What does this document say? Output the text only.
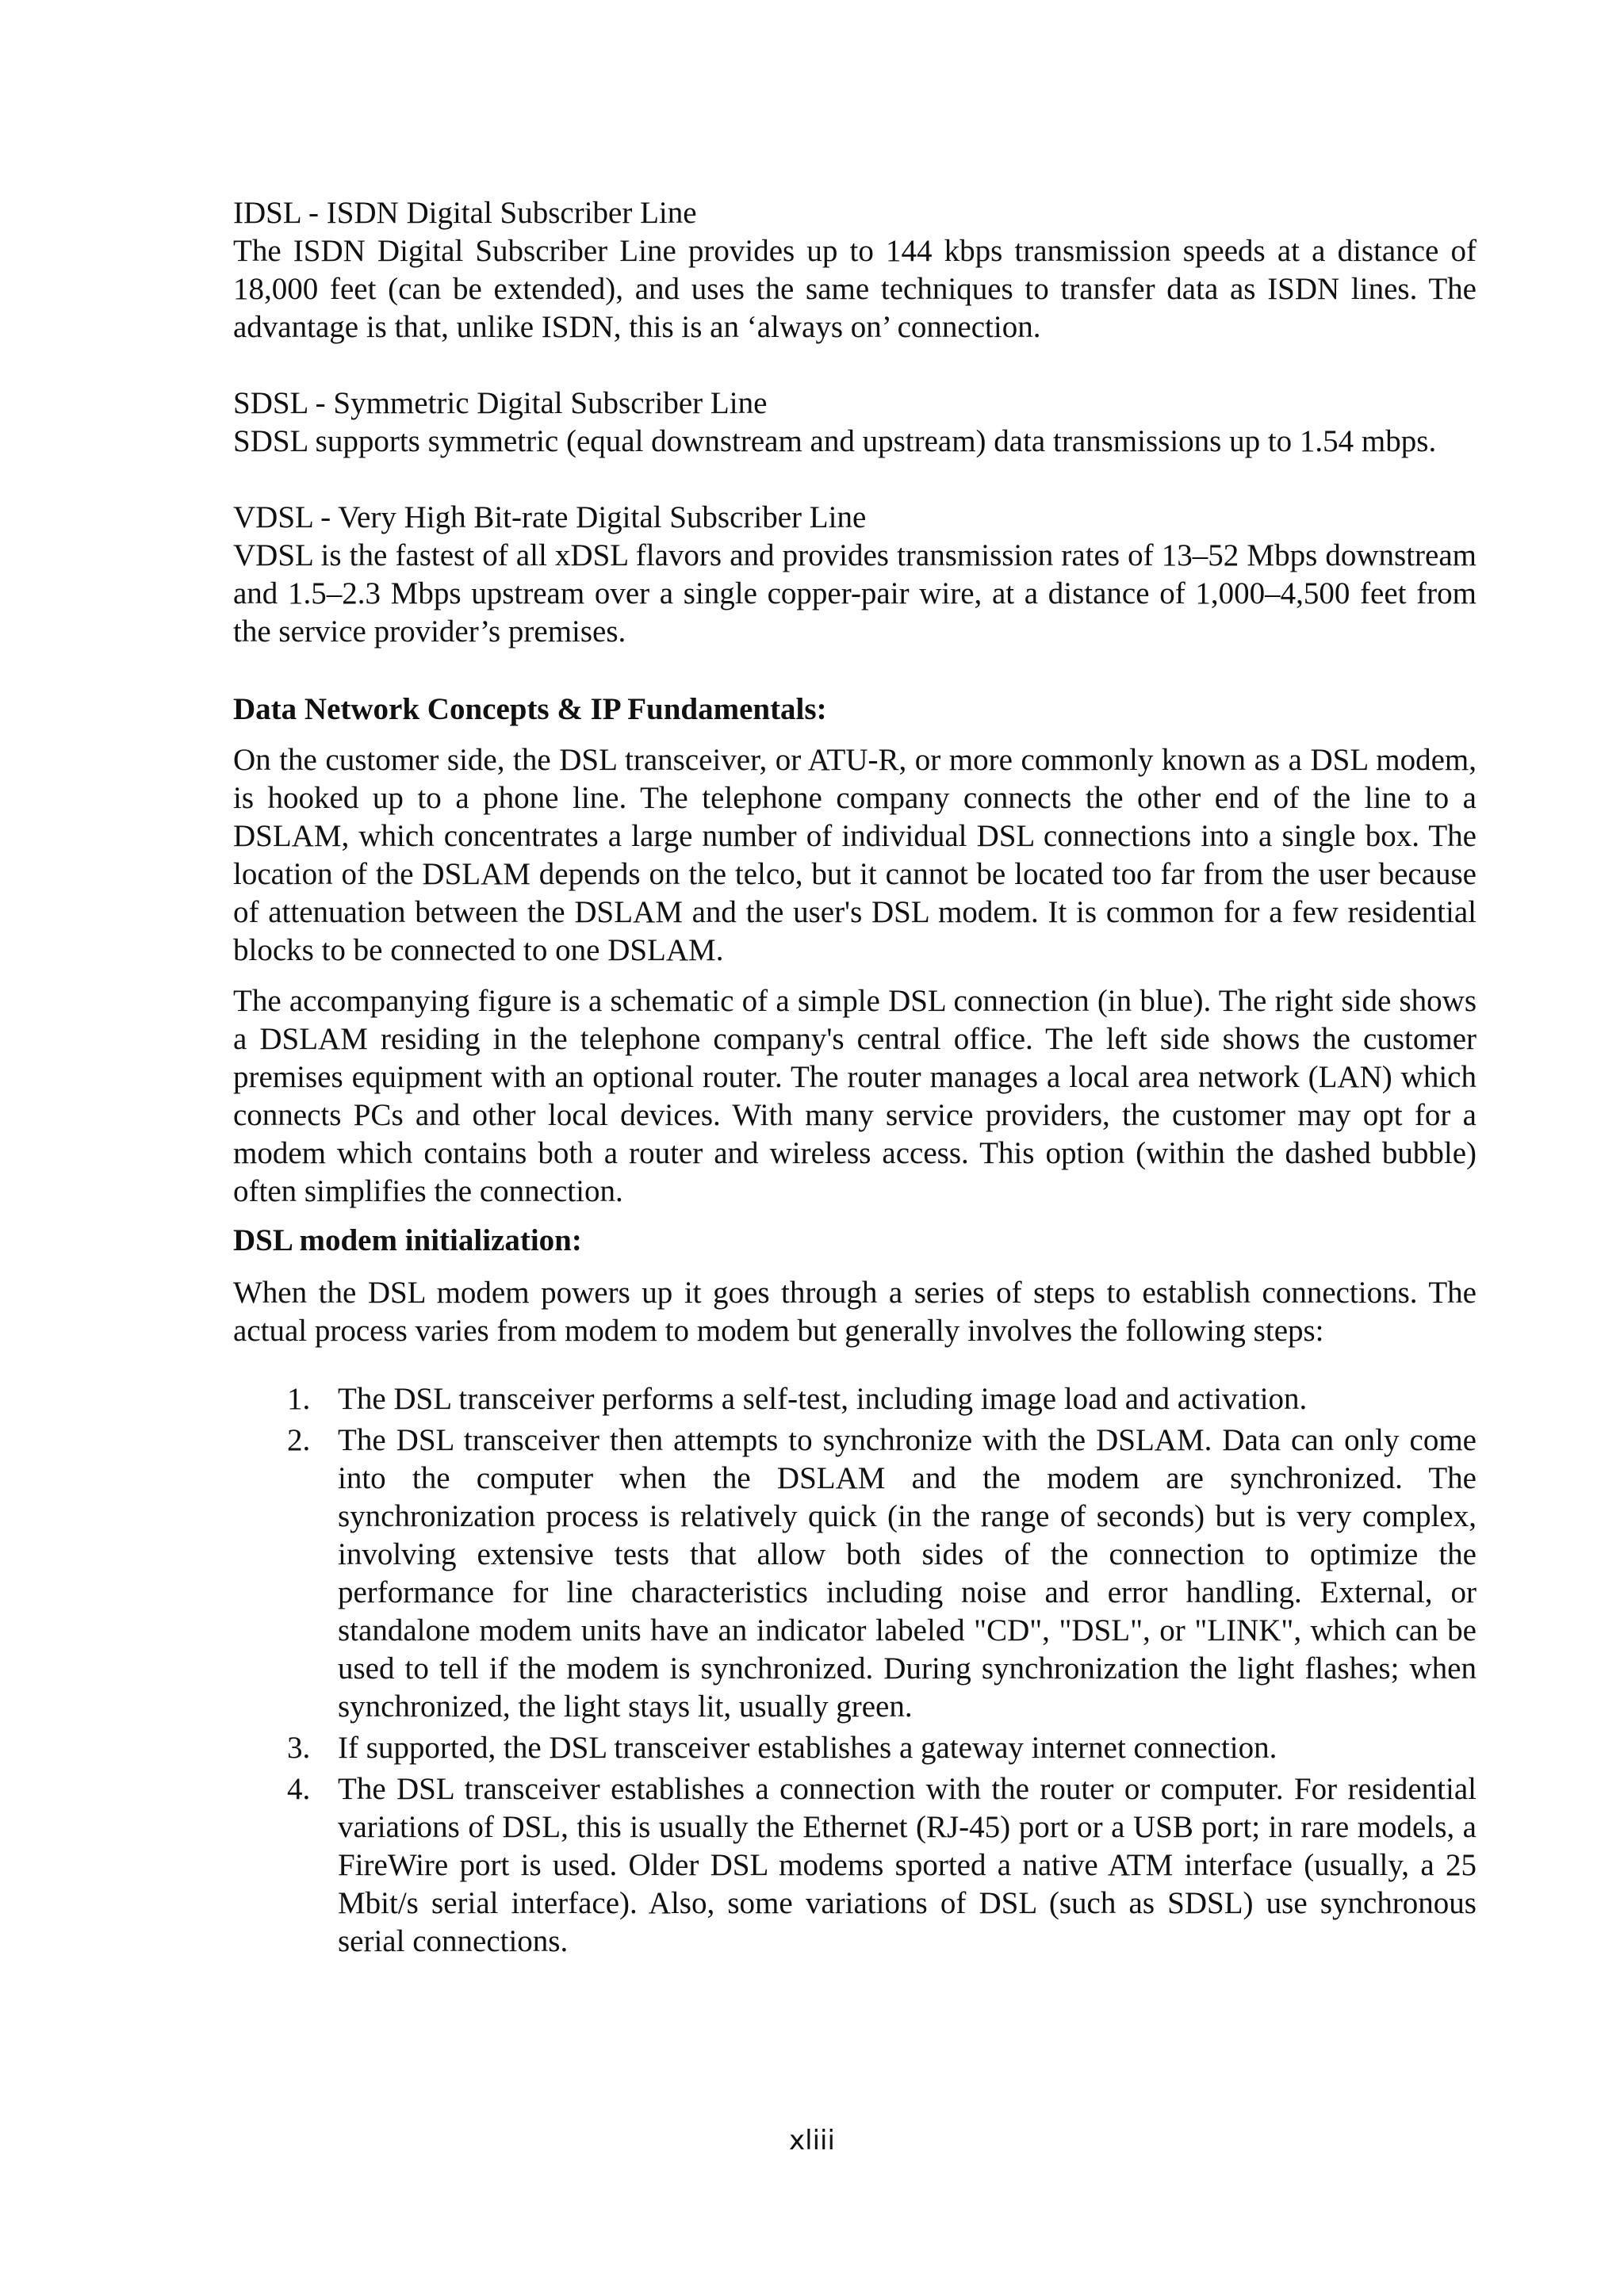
IDSL - ISDN Digital Subscriber Line

The ISDN Digital Subscriber Line provides up to 144 kbps transmission speeds at a distance of 18,000 feet (can be extended), and uses the same techniques to transfer data as ISDN lines. The advantage is that, unlike ISDN, this is an ‘always on’ connection.

SDSL - Symmetric Digital Subscriber Line

SDSL supports symmetric (equal downstream and upstream) data transmissions up to 1.54 mbps.

VDSL - Very High Bit-rate Digital Subscriber Line

VDSL is the fastest of all xDSL flavors and provides transmission rates of 13–52 Mbps downstream and 1.5–2.3 Mbps upstream over a single copper-pair wire, at a distance of 1,000–4,500 feet from the service provider’s premises.

Data Network Concepts & IP Fundamentals:

On the customer side, the DSL transceiver, or ATU-R, or more commonly known as a DSL modem, is hooked up to a phone line. The telephone company connects the other end of the line to a DSLAM, which concentrates a large number of individual DSL connections into a single box. The location of the DSLAM depends on the telco, but it cannot be located too far from the user because of attenuation between the DSLAM and the user's DSL modem. It is common for a few residential blocks to be connected to one DSLAM.

The accompanying figure is a schematic of a simple DSL connection (in blue). The right side shows a DSLAM residing in the telephone company's central office. The left side shows the customer premises equipment with an optional router. The router manages a local area network (LAN) which connects PCs and other local devices. With many service providers, the customer may opt for a modem which contains both a router and wireless access. This option (within the dashed bubble) often simplifies the connection.

DSL modem initialization:

When the DSL modem powers up it goes through a series of steps to establish connections. The actual process varies from modem to modem but generally involves the following steps:

1. The DSL transceiver performs a self-test, including image load and activation.
2. The DSL transceiver then attempts to synchronize with the DSLAM. Data can only come into the computer when the DSLAM and the modem are synchronized. The synchronization process is relatively quick (in the range of seconds) but is very complex, involving extensive tests that allow both sides of the connection to optimize the performance for line characteristics including noise and error handling. External, or standalone modem units have an indicator labeled "CD", "DSL", or "LINK", which can be used to tell if the modem is synchronized. During synchronization the light flashes; when synchronized, the light stays lit, usually green.
3. If supported, the DSL transceiver establishes a gateway internet connection.
4. The DSL transceiver establishes a connection with the router or computer. For residential variations of DSL, this is usually the Ethernet (RJ-45) port or a USB port; in rare models, a FireWire port is used. Older DSL modems sported a native ATM interface (usually, a 25 Mbit/s serial interface). Also, some variations of DSL (such as SDSL) use synchronous serial connections.
xliii
